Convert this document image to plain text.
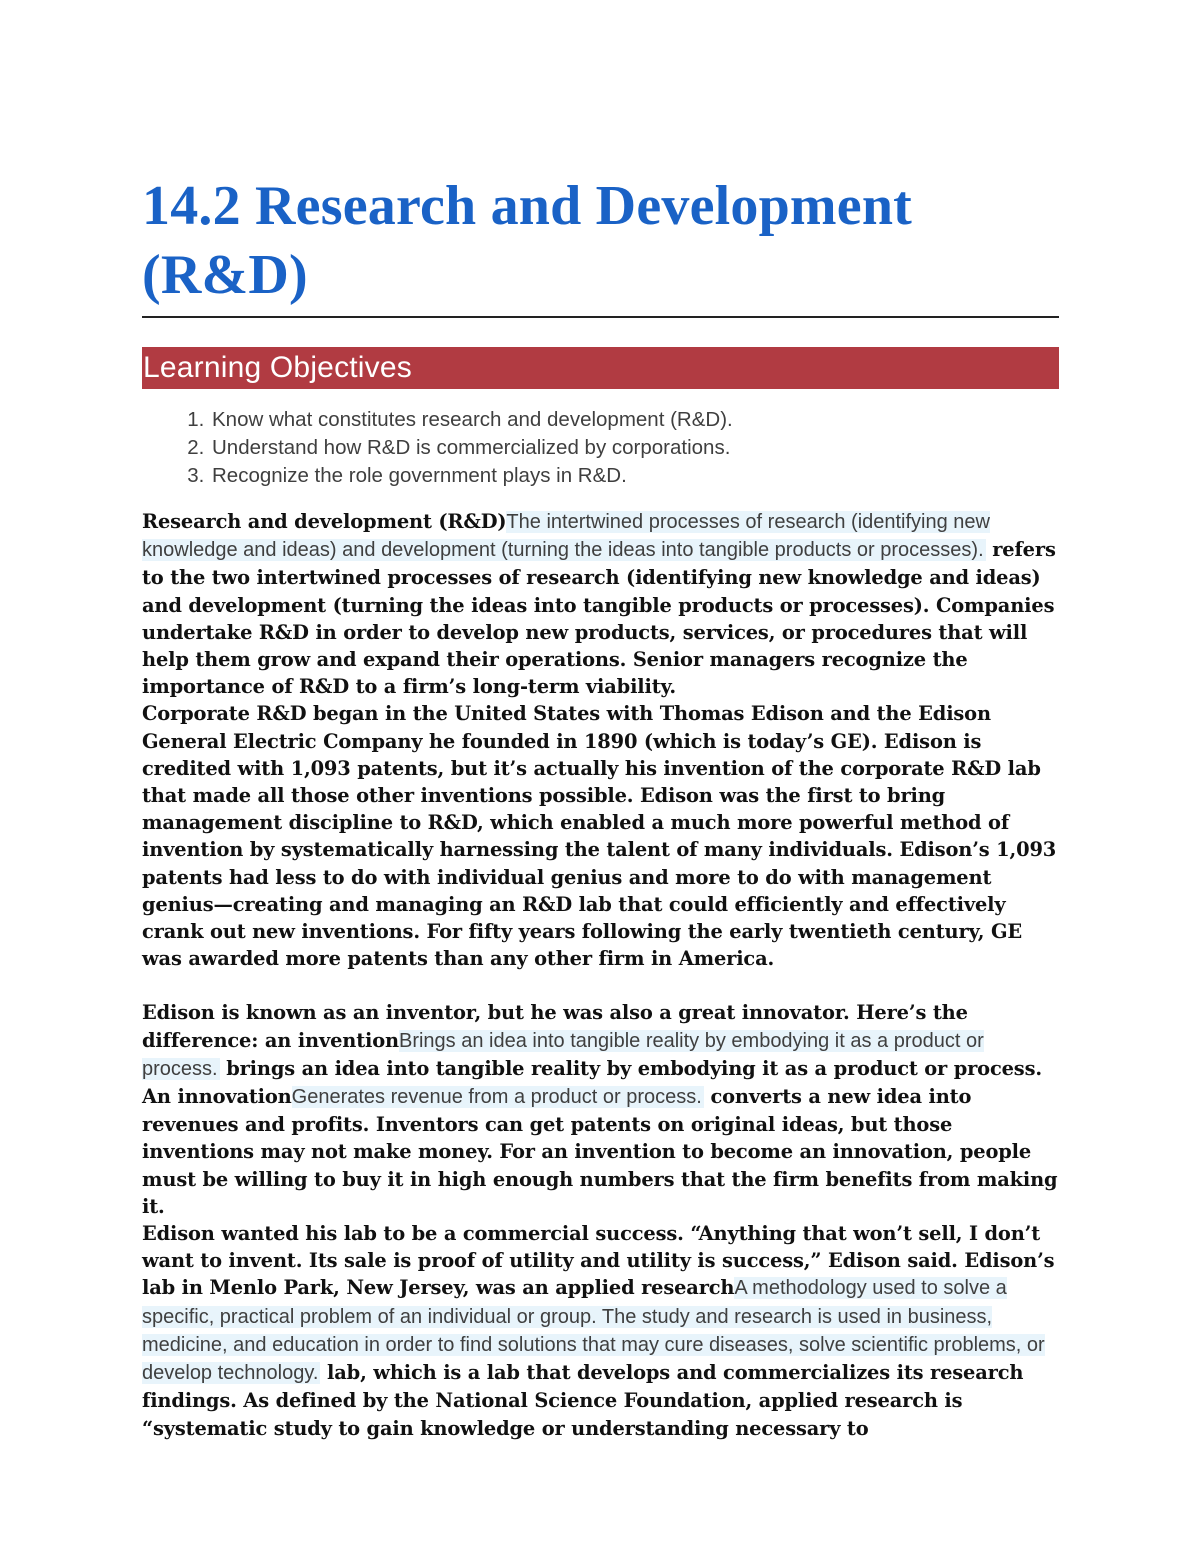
14.2 Research and Development (R&D)
Learning Objectives
1. Know what constitutes research and development (R&D).
2. Understand how R&D is commercialized by corporations.
3. Recognize the role government plays in R&D.

Research and development (R&D)The intertwined processes of research (identifying new knowledge and ideas) and development (turning the ideas into tangible products or processes). refers to the two intertwined processes of research (identifying new knowledge and ideas) and development (turning the ideas into tangible products or processes). Companies undertake R&D in order to develop new products, services, or procedures that will help them grow and expand their operations. Senior managers recognize the importance of R&D to a firm’s long-term viability.

Corporate R&D began in the United States with Thomas Edison and the Edison General Electric Company he founded in 1890 (which is today’s GE). Edison is credited with 1,093 patents, but it’s actually his invention of the corporate R&D lab that made all those other inventions possible. Edison was the first to bring management discipline to R&D, which enabled a much more powerful method of invention by systematically harnessing the talent of many individuals. Edison’s 1,093 patents had less to do with individual genius and more to do with management genius—creating and managing an R&D lab that could efficiently and effectively crank out new inventions. For fifty years following the early twentieth century, GE was awarded more patents than any other firm in America.

Edison is known as an inventor, but he was also a great innovator. Here’s the difference: an inventionBrings an idea into tangible reality by embodying it as a product or process. brings an idea into tangible reality by embodying it as a product or process. An innovationGenerates revenue from a product or process. converts a new idea into revenues and profits. Inventors can get patents on original ideas, but those inventions may not make money. For an invention to become an innovation, people must be willing to buy it in high enough numbers that the firm benefits from making it.

Edison wanted his lab to be a commercial success. “Anything that won’t sell, I don’t want to invent. Its sale is proof of utility and utility is success,” Edison said. Edison’s lab in Menlo Park, New Jersey, was an applied researchA methodology used to solve a specific, practical problem of an individual or group. The study and research is used in business, medicine, and education in order to find solutions that may cure diseases, solve scientific problems, or develop technology. lab, which is a lab that develops and commercializes its research findings. As defined by the National Science Foundation, applied research is “systematic study to gain knowledge or understanding necessary to
